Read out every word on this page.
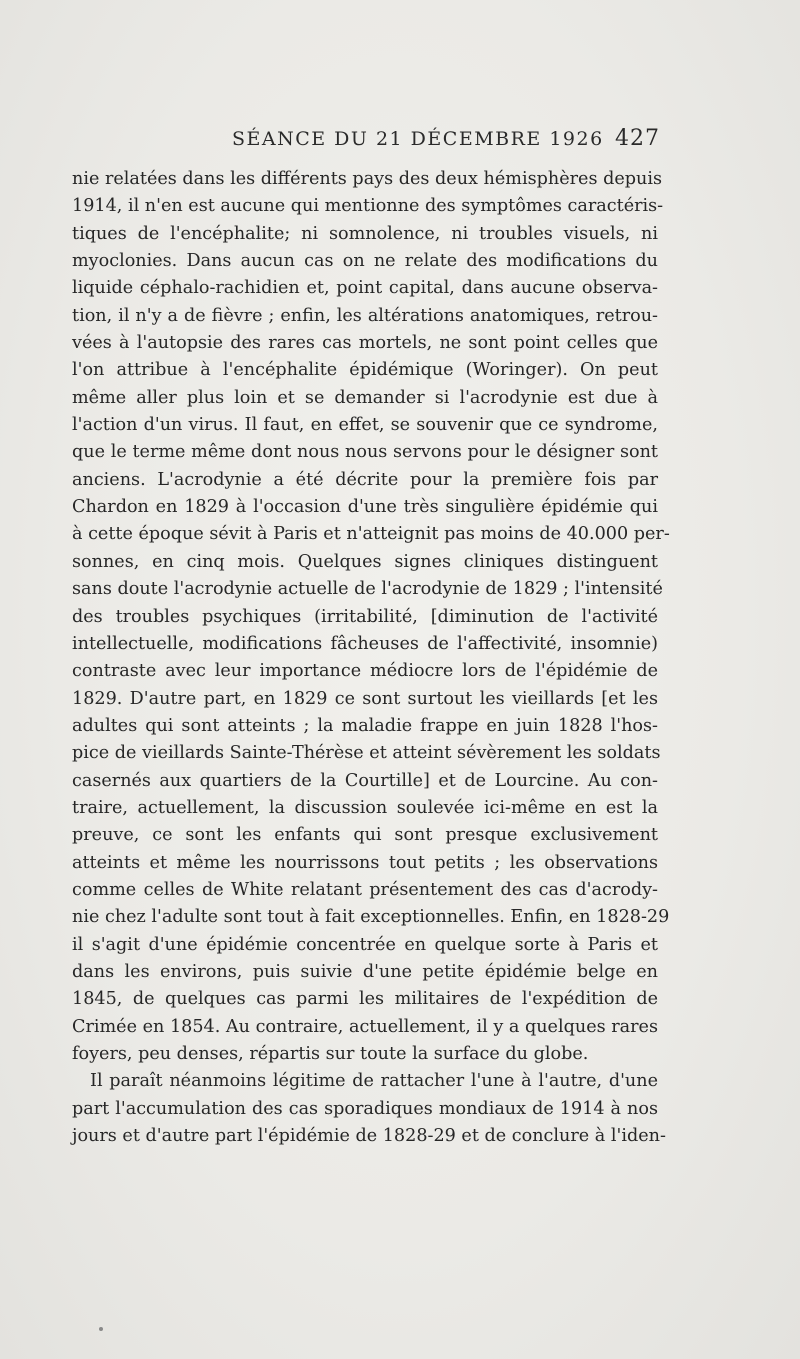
SÉANCE DU 21 DÉCEMBRE 1926 427
nie relatées dans les différents pays des deux hémisphères depuis
1914, il n'en est aucune qui mentionne des symptômes caractéris-
tiques de l'encéphalite; ni somnolence, ni troubles visuels, ni
myoclonies. Dans aucun cas on ne relate des modifications du
liquide céphalo-rachidien et, point capital, dans aucune observa-
tion, il n'y a de fièvre ; enfin, les altérations anatomiques, retrou-
vées à l'autopsie des rares cas mortels, ne sont point celles que
l'on attribue à l'encéphalite épidémique (Woringer). On peut
même aller plus loin et se demander si l'acrodynie est due à
l'action d'un virus. Il faut, en effet, se souvenir que ce syndrome,
que le terme même dont nous nous servons pour le désigner sont
anciens. L'acrodynie a été décrite pour la première fois par
Chardon en 1829 à l'occasion d'une très singulière épidémie qui
à cette époque sévit à Paris et n'atteignit pas moins de 40.000 per-
sonnes, en cinq mois. Quelques signes cliniques distinguent
sans doute l'acrodynie actuelle de l'acrodynie de 1829 ; l'intensité
des troubles psychiques (irritabilité, [diminution de l'activité
intellectuelle, modifications fâcheuses de l'affectivité, insomnie)
contraste avec leur importance médiocre lors de l'épidémie de
1829. D'autre part, en 1829 ce sont surtout les vieillards [et les
adultes qui sont atteints ; la maladie frappe en juin 1828 l'hos-
pice de vieillards Sainte-Thérèse et atteint sévèrement les soldats
casernés aux quartiers de la Courtille] et de Lourcine. Au con-
traire, actuellement, la discussion soulevée ici-même en est la
preuve, ce sont les enfants qui sont presque exclusivement
atteints et même les nourrissons tout petits ; les observations
comme celles de White relatant présentement des cas d'acrody-
nie chez l'adulte sont tout à fait exceptionnelles. Enfin, en 1828-29
il s'agit d'une épidémie concentrée en quelque sorte à Paris et
dans les environs, puis suivie d'une petite épidémie belge en
1845, de quelques cas parmi les militaires de l'expédition de
Crimée en 1854. Au contraire, actuellement, il y a quelques rares
foyers, peu denses, répartis sur toute la surface du globe.
Il paraît néanmoins légitime de rattacher l'une à l'autre, d'une
part l'accumulation des cas sporadiques mondiaux de 1914 à nos
jours et d'autre part l'épidémie de 1828-29 et de conclure à l'iden-
